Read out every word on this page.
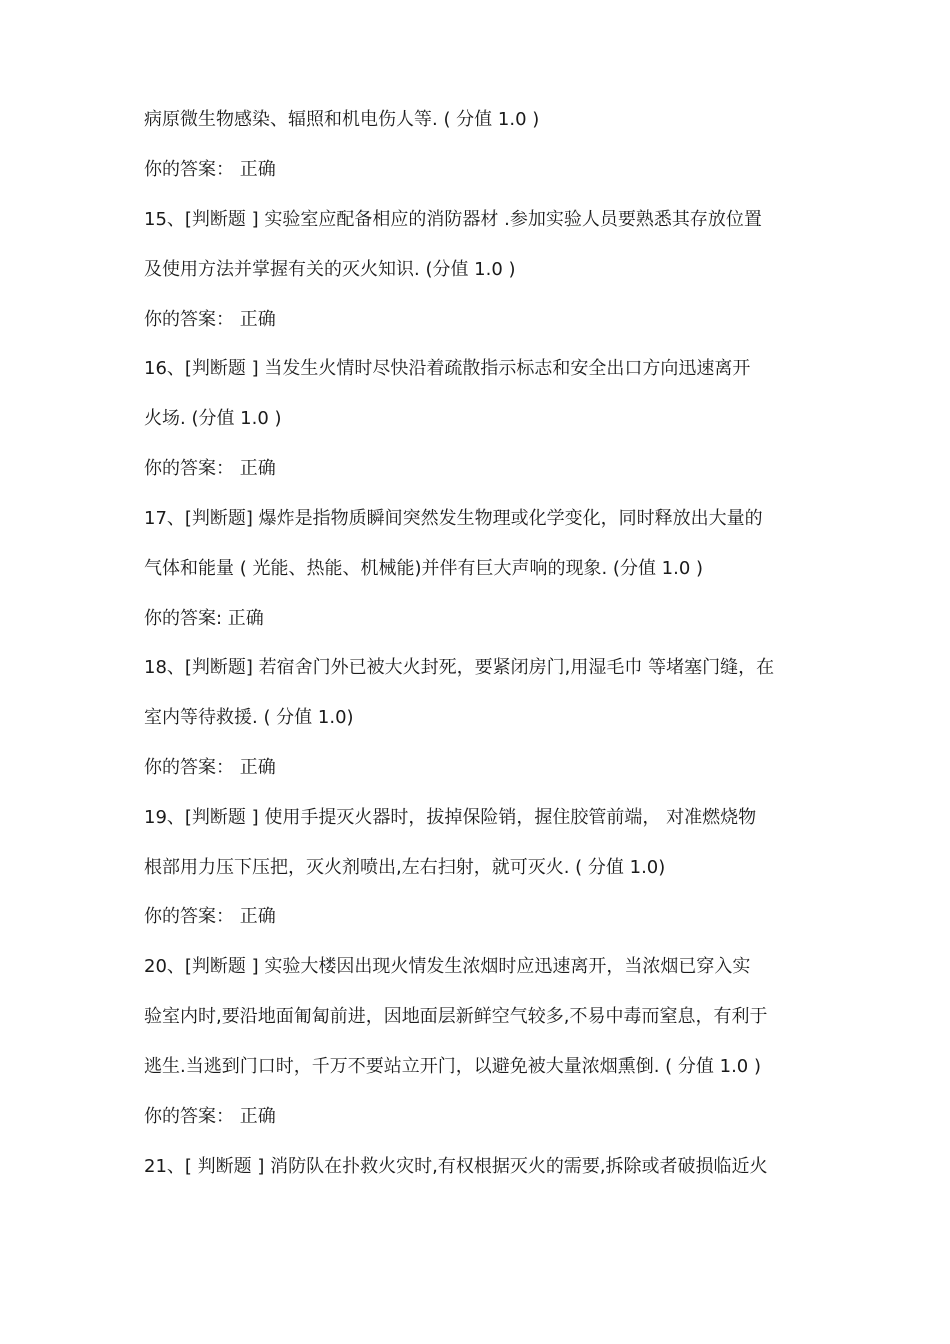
病原微生物感染、辐照和机电伤人等. ( 分值 1.0 )
你的答案： 正确
15、[判断题 ] 实验室应配备相应的消防器材 .参加实验人员要熟悉其存放位置
及使用方法并掌握有关的灭火知识. (分值 1.0 )
你的答案： 正确
16、[判断题 ] 当发生火情时尽快沿着疏散指示标志和安全出口方向迅速离开
火场. (分值 1.0 )
你的答案： 正确
17、[判断题] 爆炸是指物质瞬间突然发生物理或化学变化，同时释放出大量的
气体和能量 ( 光能、热能、机械能)并伴有巨大声响的现象. (分值 1.0 )
你的答案: 正确
18、[判断题] 若宿舍门外已被大火封死，要紧闭房门,用湿毛巾 等堵塞门缝，在
室内等待救援. ( 分值 1.0)
你的答案： 正确
19、[判断题 ] 使用手提灭火器时，拔掉保险销，握住胶管前端， 对准燃烧物
根部用力压下压把，灭火剂喷出,左右扫射，就可灭火. ( 分值 1.0)
你的答案： 正确
20、[判断题 ] 实验大楼因出现火情发生浓烟时应迅速离开，当浓烟已穿入实
验室内时,要沿地面匍匐前进，因地面层新鲜空气较多,不易中毒而窒息，有利于
逃生.当逃到门口时，千万不要站立开门，以避免被大量浓烟熏倒. ( 分值 1.0 )
你的答案： 正确
21、[ 判断题 ] 消防队在扑救火灾时,有权根据灭火的需要,拆除或者破损临近火
